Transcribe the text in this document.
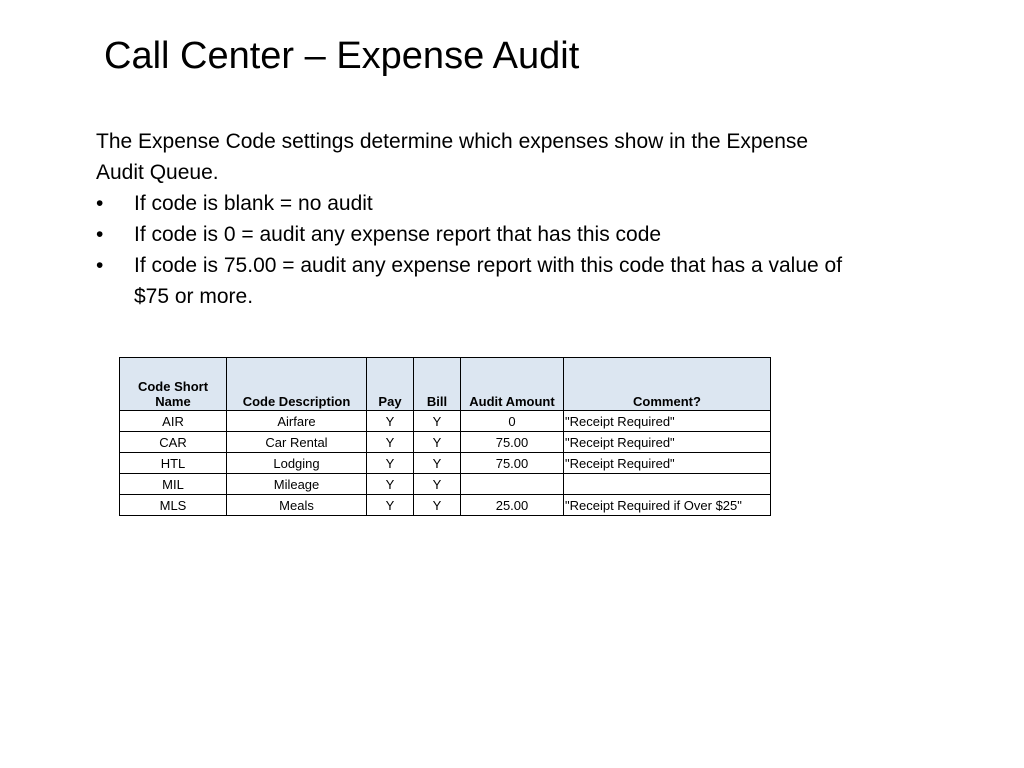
Call Center – Expense Audit

The Expense Code settings determine which expenses show in the Expense Audit Queue.

• If code is blank = no audit
• If code is 0 = audit any expense report that has this code
• If code is 75.00 = audit any expense report with this code that has a value of $75 or more.
Code Short Name	Code Description	Pay	Bill	Audit Amount	Comment?
AIR	Airfare	Y	Y	0	"Receipt Required"
CAR	Car Rental	Y	Y	75.00	"Receipt Required"
HTL	Lodging	Y	Y	75.00	"Receipt Required"
MIL	Mileage	Y	Y		
MLS	Meals	Y	Y	25.00	"Receipt Required if Over $25"
